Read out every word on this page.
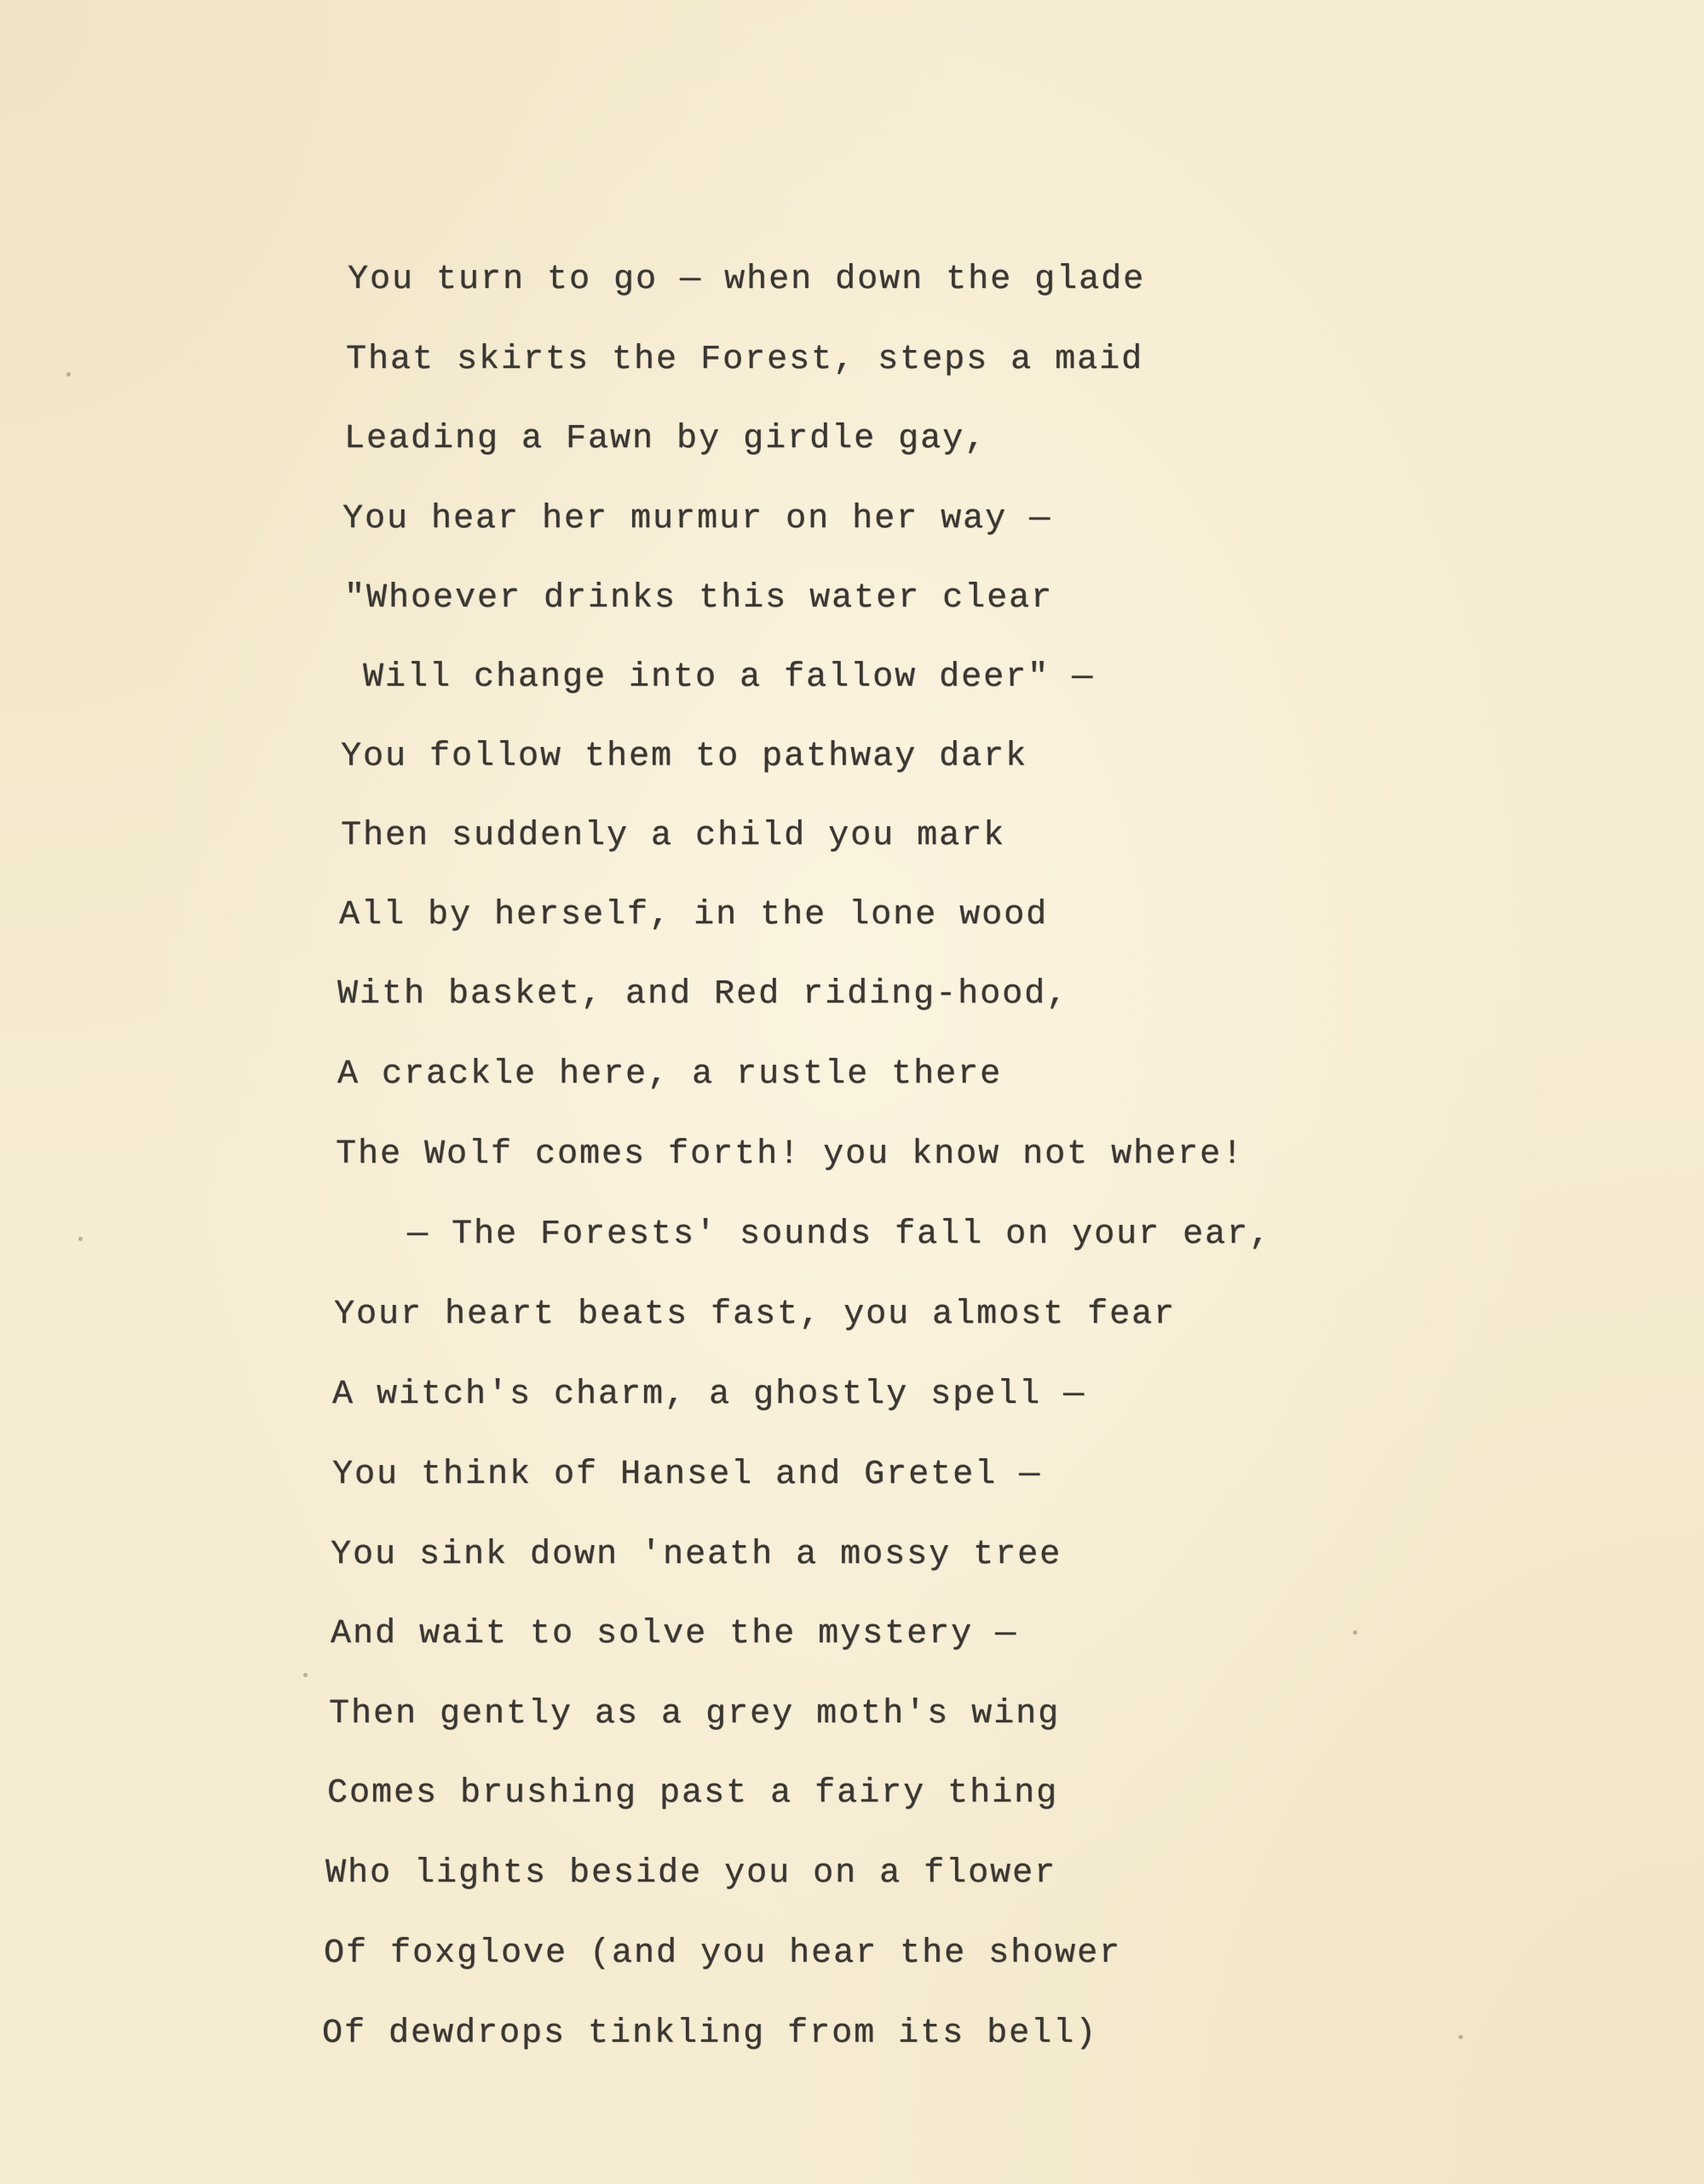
You turn to go — when down the glade
That skirts the Forest, steps a maid
Leading a Fawn by girdle gay,
You hear her murmur on her way —
"Whoever drinks this water clear
Will change into a fallow deer" —
You follow them to pathway dark
Then suddenly a child you mark
All by herself, in the lone wood
With basket, and Red riding-hood,
A crackle here, a rustle there
The Wolf comes forth! you know not where!
— The Forests' sounds fall on your ear,
Your heart beats fast, you almost fear
A witch's charm, a ghostly spell —
You think of Hansel and Gretel —
You sink down 'neath a mossy tree
And wait to solve the mystery —
Then gently as a grey moth's wing
Comes brushing past a fairy thing
Who lights beside you on a flower
Of foxglove (and you hear the shower
Of dewdrops tinkling from its bell)
